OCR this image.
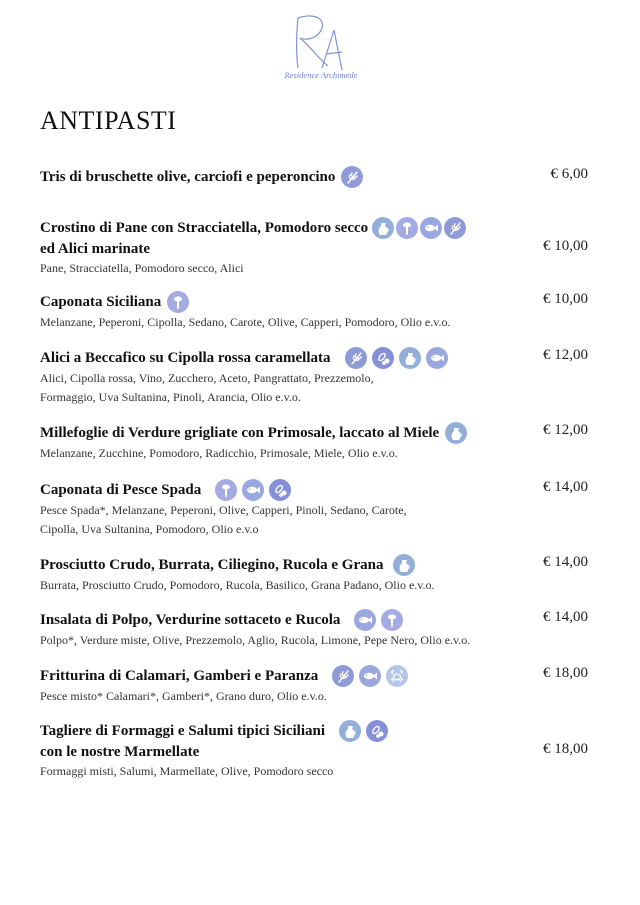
Residence Archimede
ANTIPASTI
Tris di bruschette olive, carciofi e peperoncino	€ 6,00
Crostino di Pane con Stracciatella, Pomodoro secco
ed Alici marinate
Pane, Stracciatella, Pomodoro secco, Alici
€ 10,00
Caponata Siciliana
Melanzane, Peperoni, Cipolla, Sedano, Carote, Olive, Capperi, Pomodoro, Olio e.v.o.
€ 10,00
Alici a Beccafico su Cipolla rossa caramellata
Alici, Cipolla rossa, Vino, Zucchero, Aceto, Pangrattato, Prezzemolo,
Formaggio, Uva Sultanina, Pinoli, Arancia, Olio e.v.o.
€ 12,00
Millefoglie di Verdure grigliate con Primosale, laccato al Miele
Melanzane, Zucchine, Pomodoro, Radicchio, Primosale, Miele, Olio e.v.o.
€ 12,00
Caponata di Pesce Spada
Pesce Spada*, Melanzane, Peperoni, Olive, Capperi, Pinoli, Sedano, Carote,
Cipolla, Uva Sultanina, Pomodoro, Olio e.v.o
€ 14,00
Prosciutto Crudo, Burrata, Ciliegino, Rucola e Grana
Burrata, Prosciutto Crudo, Pomodoro, Rucola, Basilico, Grana Padano, Olio e.v.o.
€ 14,00
Insalata di Polpo, Verdurine sottaceto e Rucola
Polpo*, Verdure miste, Olive, Prezzemolo, Aglio, Rucola, Limone, Pepe Nero, Olio e.v.o.
€ 14,00
Fritturina di Calamari, Gamberi e Paranza
Pesce misto* Calamari*, Gamberi*, Grano duro, Olio e.v.o.
€ 18,00
Tagliere di Formaggi e Salumi tipici Siciliani
con le nostre Marmellate
Formaggi misti, Salumi, Marmellate, Olive, Pomodoro secco
€ 18,00
